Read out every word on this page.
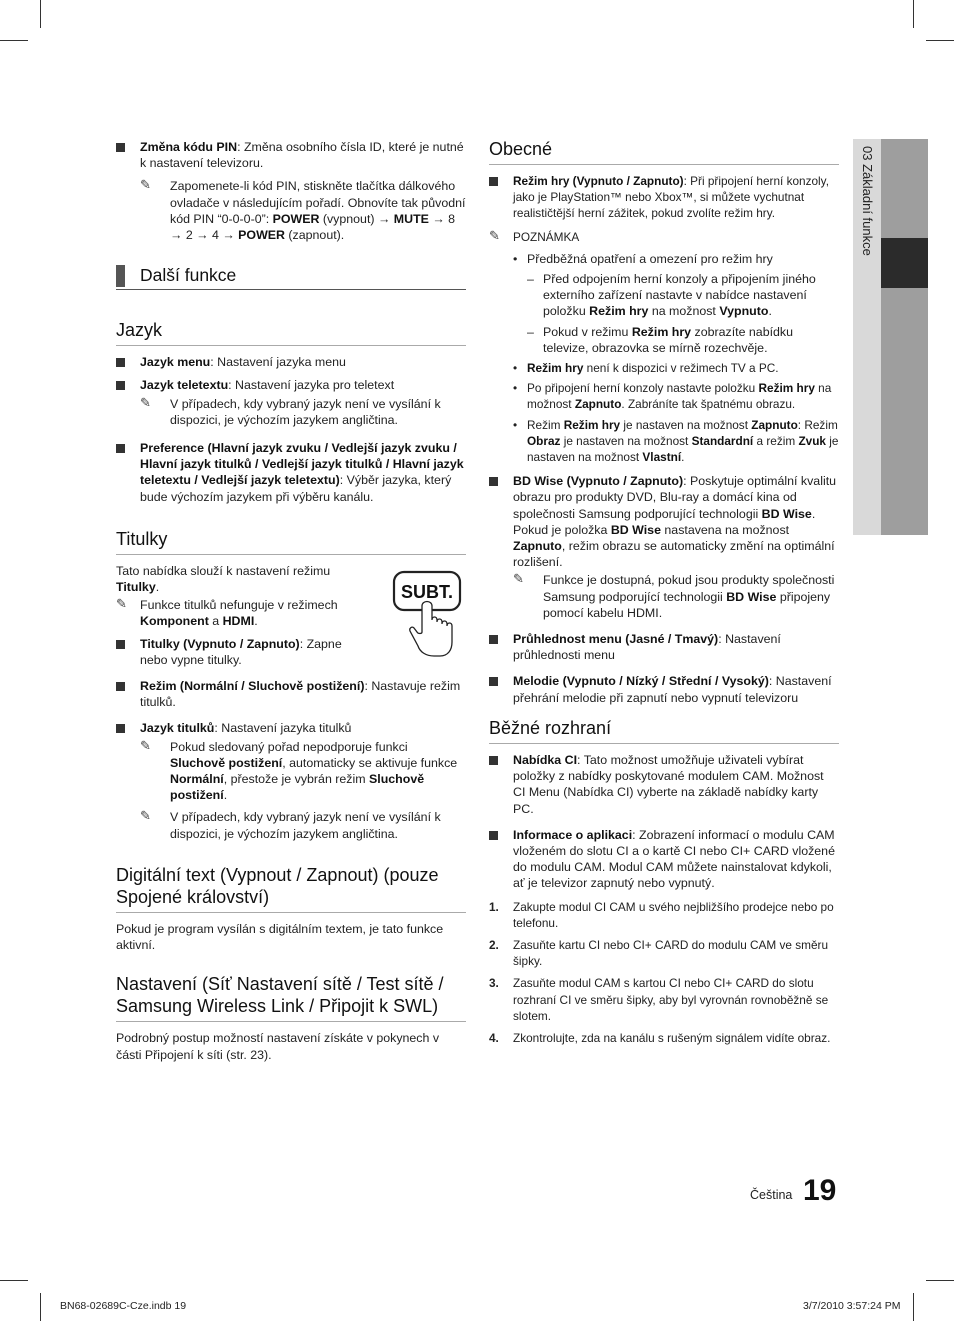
03 Základní funkce
Změna kódu PIN: Změna osobního čísla ID, které je nutné k nastavení televizoru.
✎ Zapomenete-li kód PIN, stiskněte tlačítka dálkového ovladače v následujícím pořadí. Obnovíte tak původní kód PIN “0-0-0-0”: POWER (vypnout) → MUTE → 8 → 2 → 4 → POWER (zapnout).
Další funkce
Jazyk
Jazyk menu: Nastavení jazyka menu
Jazyk teletextu: Nastavení jazyka pro teletext
✎ V případech, kdy vybraný jazyk není ve vysílání k dispozici, je výchozím jazykem angličtina.
Preference (Hlavní jazyk zvuku / Vedlejší jazyk zvuku / Hlavní jazyk titulků / Vedlejší jazyk titulků / Hlavní jazyk teletextu / Vedlejší jazyk teletextu): Výběr jazyka, který bude výchozím jazykem při výběru kanálu.
Titulky
Tato nabídka slouží k nastavení režimu Titulky.
✎ Funkce titulků nefunguje v režimech Komponent a HDMI.
Titulky (Vypnuto / Zapnuto): Zapne nebo vypne titulky.
Režim (Normální / Sluchově postižení): Nastavuje režim titulků.
Jazyk titulků: Nastavení jazyka titulků
✎ Pokud sledovaný pořad nepodporuje funkci Sluchově postižení, automaticky se aktivuje funkce Normální, přestože je vybrán režim Sluchově postižení.
✎ V případech, kdy vybraný jazyk není ve vysílání k dispozici, je výchozím jazykem angličtina.
Digitální text (Vypnout / Zapnout) (pouze Spojené království)
Pokud je program vysílán s digitálním textem, je tato funkce aktivní.
Nastavení (Síť Nastavení sítě / Test sítě / Samsung Wireless Link / Připojit k SWL)
Podrobný postup možností nastavení získáte v pokynech v části Připojení k síti (str. 23).
SUBT.
Obecné
Režim hry (Vypnuto / Zapnuto): Při připojení herní konzoly, jako je PlayStation™ nebo Xbox™, si můžete vychutnat realističtější herní zážitek, pokud zvolíte režim hry.
✎ POZNÁMKA
• Předběžná opatření a omezení pro režim hry
– Před odpojením herní konzoly a připojením jiného externího zařízení nastavte v nabídce nastavení položku Režim hry na možnost Vypnuto.
– Pokud v režimu Režim hry zobrazíte nabídku televize, obrazovka se mírně rozechvěje.
• Režim hry není k dispozici v režimech TV a PC.
• Po připojení herní konzoly nastavte položku Režim hry na možnost Zapnuto. Zabráníte tak špatnému obrazu.
• Režim Režim hry je nastaven na možnost Zapnuto: Režim Obraz je nastaven na možnost Standardní a režim Zvuk je nastaven na možnost Vlastní.
BD Wise (Vypnuto / Zapnuto): Poskytuje optimální kvalitu obrazu pro produkty DVD, Blu-ray a domácí kina od společnosti Samsung podporující technologii BD Wise. Pokud je položka BD Wise nastavena na možnost Zapnuto, režim obrazu se automaticky změní na optimální rozlišení.
✎ Funkce je dostupná, pokud jsou produkty společnosti Samsung podporující technologii BD Wise připojeny pomocí kabelu HDMI.
Průhlednost menu (Jasné / Tmavý): Nastavení průhlednosti menu
Melodie (Vypnuto / Nízký / Střední / Vysoký): Nastavení přehrání melodie při zapnutí nebo vypnutí televizoru
Běžné rozhraní
Nabídka CI: Tato možnost umožňuje uživateli vybírat položky z nabídky poskytované modulem CAM. Možnost CI Menu (Nabídka CI) vyberte na základě nabídky karty PC.
Informace o aplikaci: Zobrazení informací o modulu CAM vloženém do slotu CI a o kartě CI nebo CI+ CARD vložené do modulu CAM. Modul CAM můžete nainstalovat kdykoli, ať je televizor zapnutý nebo vypnutý.
1. Zakupte modul CI CAM u svého nejbližšího prodejce nebo po telefonu.
2. Zasuňte kartu CI nebo CI+ CARD do modulu CAM ve směru šipky.
3. Zasuňte modul CAM s kartou CI nebo CI+ CARD do slotu rozhraní CI ve směru šipky, aby byl vyrovnán rovnoběžně se slotem.
4. Zkontrolujte, zda na kanálu s rušeným signálem vidíte obraz.
Čeština 19
BN68-02689C-Cze.indb 19	3/7/2010 3:57:24 PM
